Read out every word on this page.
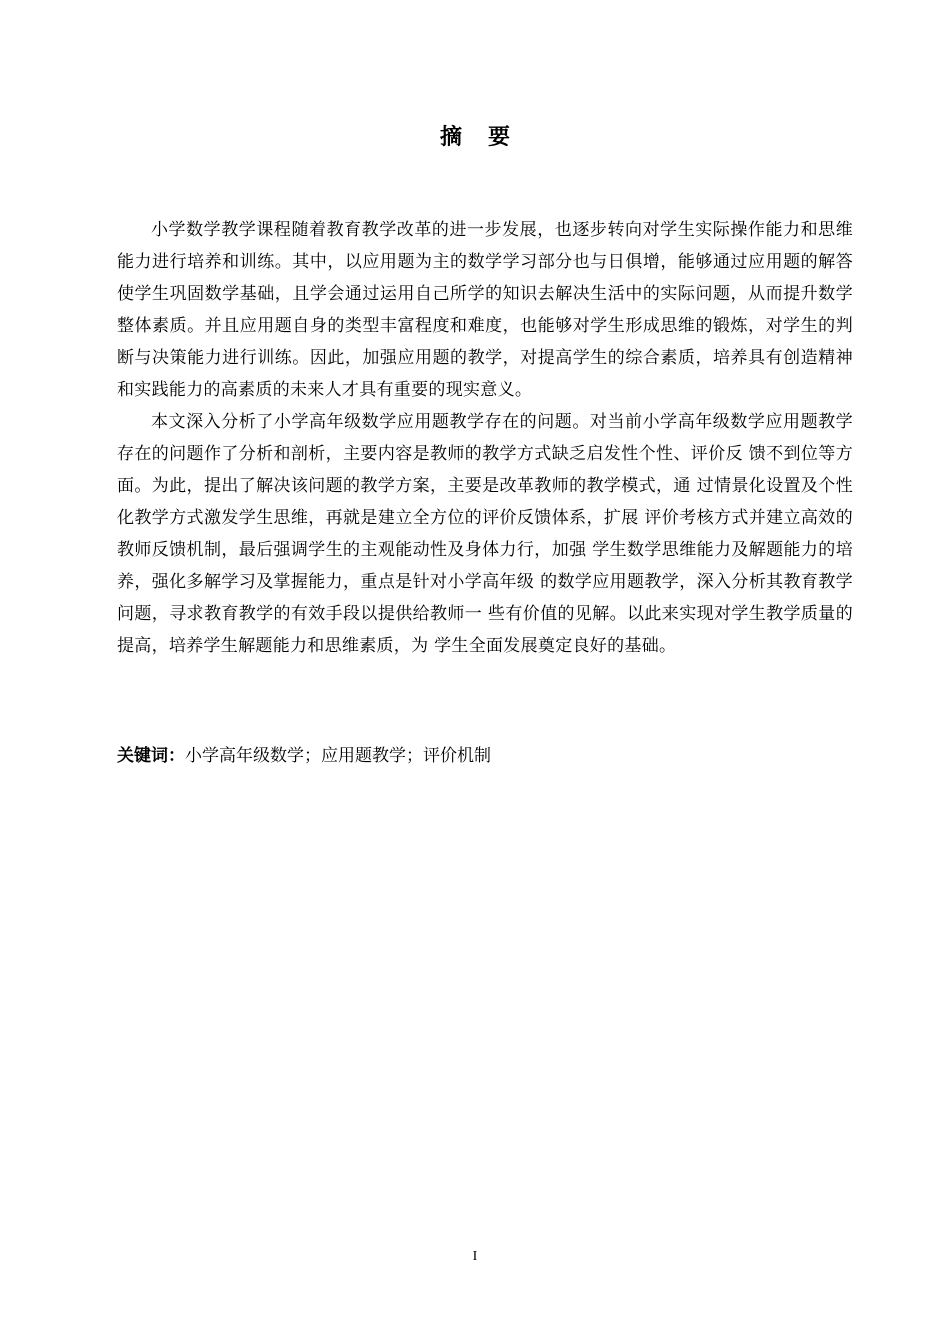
摘要

小学数学教学课程随着教育教学改革的进一步发展，也逐步转向对学生实际操作能力和思维能力进行培养和训练。其中，以应用题为主的数学学习部分也与日俱增，能够通过应用题的解答使学生巩固数学基础，且学会通过运用自己所学的知识去解决生活中的实际问题，从而提升数学整体素质。并且应用题自身的类型丰富程度和难度，也能够对学生形成思维的锻炼，对学生的判断与决策能力进行训练。因此，加强应用题的教学，对提高学生的综合素质，培养具有创造精神和实践能力的高素质的未来人才具有重要的现实意义。

本文深入分析了小学高年级数学应用题教学存在的问题。对当前小学高年级数学应用题教学存在的问题作了分析和剖析，主要内容是教师的教学方式缺乏启发性个性、评价反 馈不到位等方面。为此，提出了解决该问题的教学方案，主要是改革教师的教学模式，通 过情景化设置及个性化教学方式激发学生思维，再就是建立全方位的评价反馈体系，扩展 评价考核方式并建立高效的教师反馈机制，最后强调学生的主观能动性及身体力行，加强 学生数学思维能力及解题能力的培养，强化多解学习及掌握能力，重点是针对小学高年级 的数学应用题教学，深入分析其教育教学问题，寻求教育教学的有效手段以提供给教师一 些有价值的见解。以此来实现对学生教学质量的提高，培养学生解题能力和思维素质，为 学生全面发展奠定良好的基础。

关键词：小学高年级数学；应用题教学；评价机制
I
